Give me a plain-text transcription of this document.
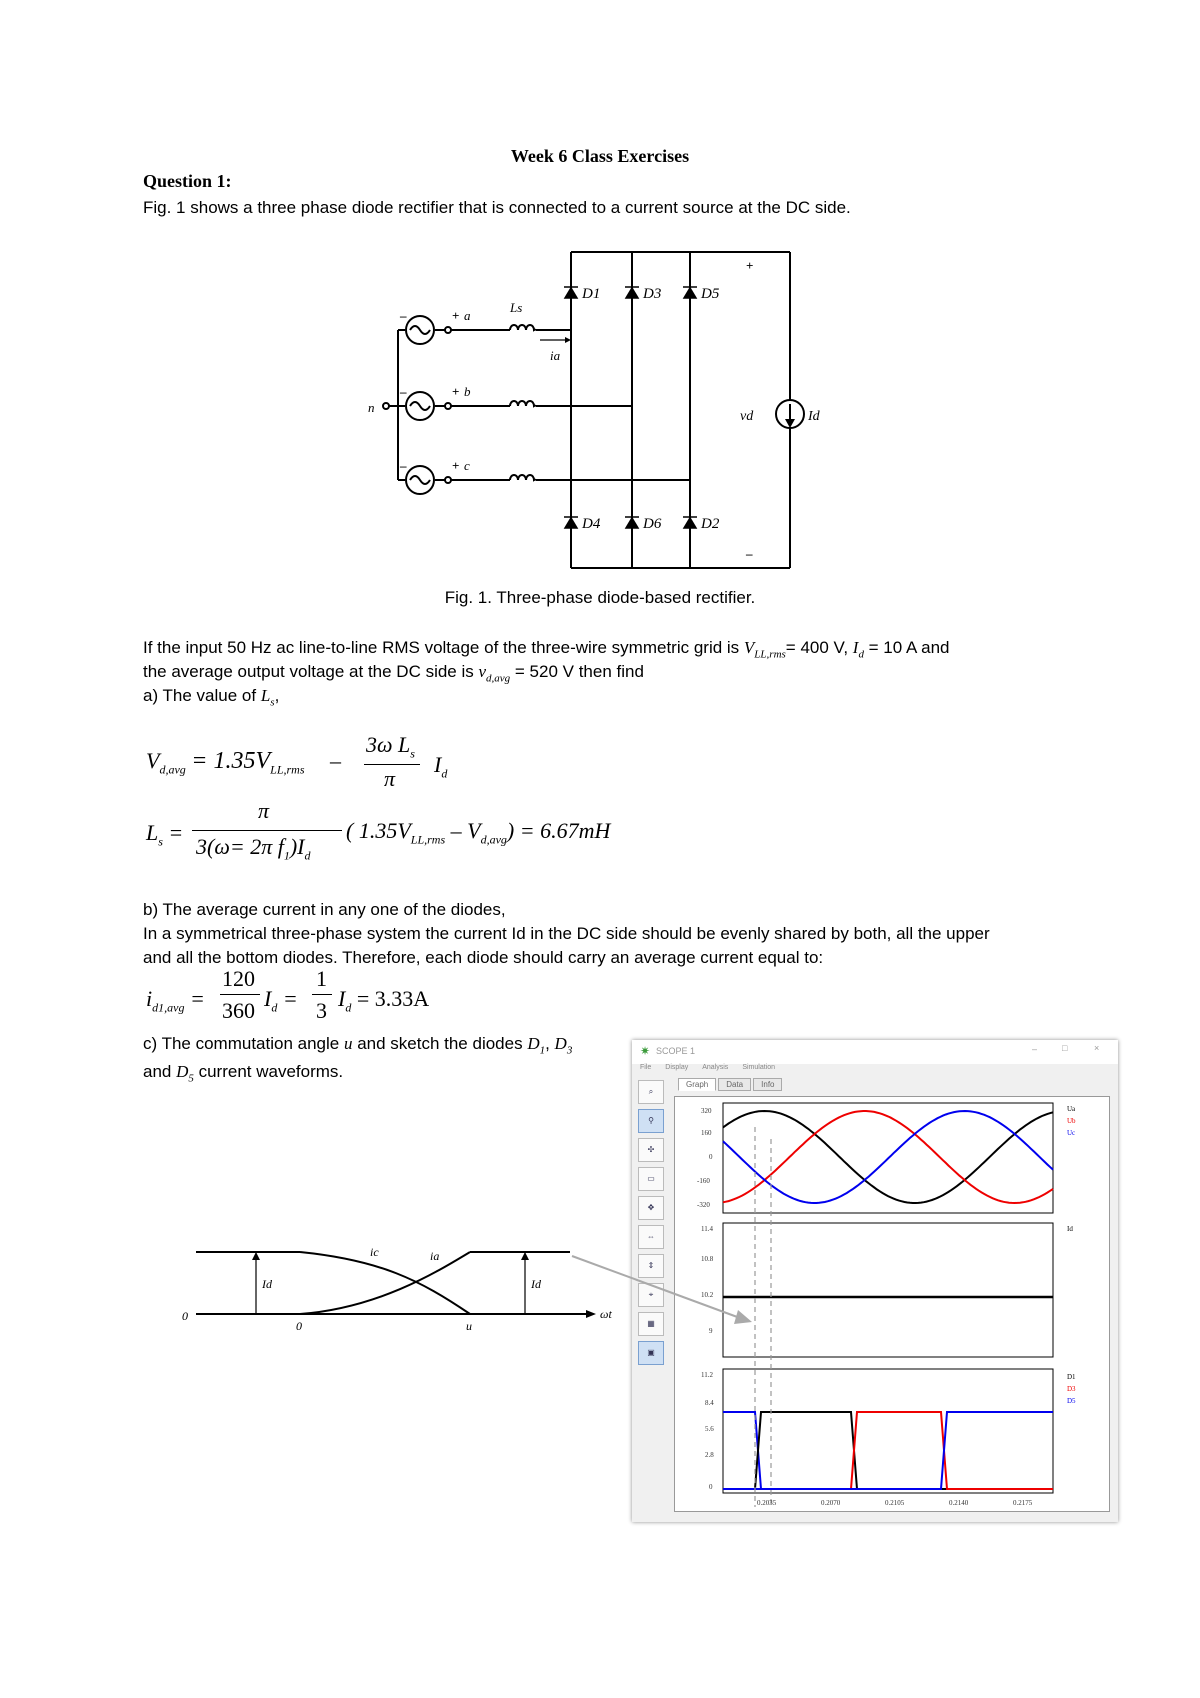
Week 6 Class Exercises
Question 1:
Fig. 1 shows a three phase diode rectifier that is connected to a current source at the DC side.
D1	D3	D5
D4	D6	D2
a
b
c
n
Ls
ia
vd	Id
+
–
+
+
+
–
–
–
Fig. 1. Three-phase diode-based rectifier.
If the input 50 Hz ac line-to-line RMS voltage of the three-wire symmetric grid is $V_{LL,rms}= 400$ V, $I_d = 10$ A and
the average output voltage at the DC side is $v_{d,avg} = 520$ V then find
a) The value of $L_s$,
$V_{d,avg} = 1.35V_{LL,rms}$ –
3ω $L_s$
π
$I_d$
$L_s$ =
π
3(ω= 2π $f_1)I_d$
( $1.35V_{LL,rms} - V_{d,avg}) = 6.67mH$
b) The average current in any one of the diodes,
In a symmetrical three-phase system the current Id in the DC side should be evenly shared by both, all the upper
and all the bottom diodes. Therefore, each diode should carry an average current equal to:
$i_{d1,avg}$ =
120
360 $I_d$ =
1
3 $I_d = 3.33A$
c) The commutation angle u and sketch the diodes $D_1$, $D_3$
and $D_5$ current waveforms.
0
0	u
ωt
ic	ia
Id	Id
✷ SCOPE 1	–	□	×
File Display Analysis Simulation
Graph Data Info
⌕
⚲
✣
▭
✥
⇔
⇕
⌖
▦
▣
320
160
0
-160
-320
11.4
10.8
10.2
9
11.2
8.4
5.6
2.8
0
0.2035	0.2070	0.2105	0.2140	0.2175
Ua
Ub
Uc
Id
D1
D3
D5
